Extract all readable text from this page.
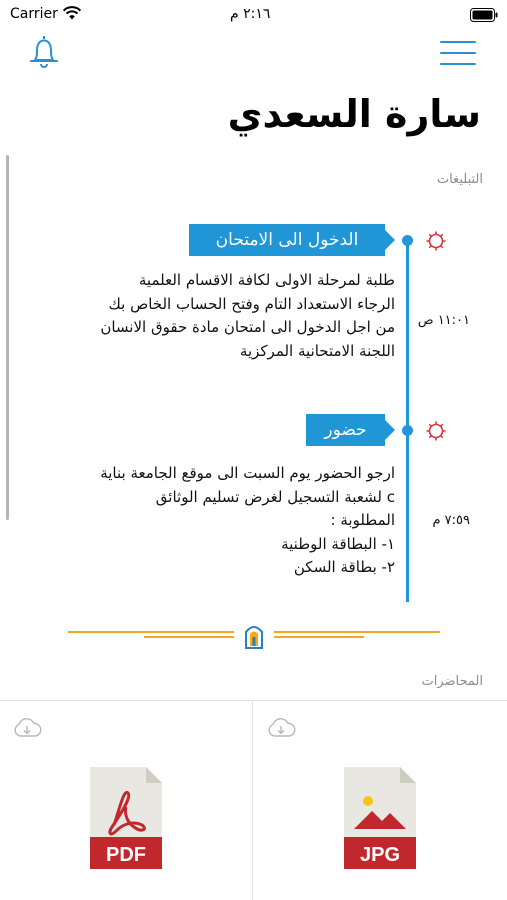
Carrier	٢:١٦ م
سارة السعدي
التبليغات
الدخول الى الامتحان
طلبة لمرحلة الاولى لكافة الاقسام العلمية
الرجاء الاستعداد التام وفتح الحساب الخاص بك
من اجل الدخول الى امتحان مادة حقوق الانسان
اللجنة الامتحانية المركزية
١١:٠١ ص
حضور
ارجو الحضور يوم السبت الى موقع الجامعة بناية
c لشعبة التسجيل لغرض تسليم الوثائق
المطلوبة :
١- البطاقة الوطنية
٢- بطاقة السكن
٧:٥٩ م
المحاضرات
PDF	JPG
